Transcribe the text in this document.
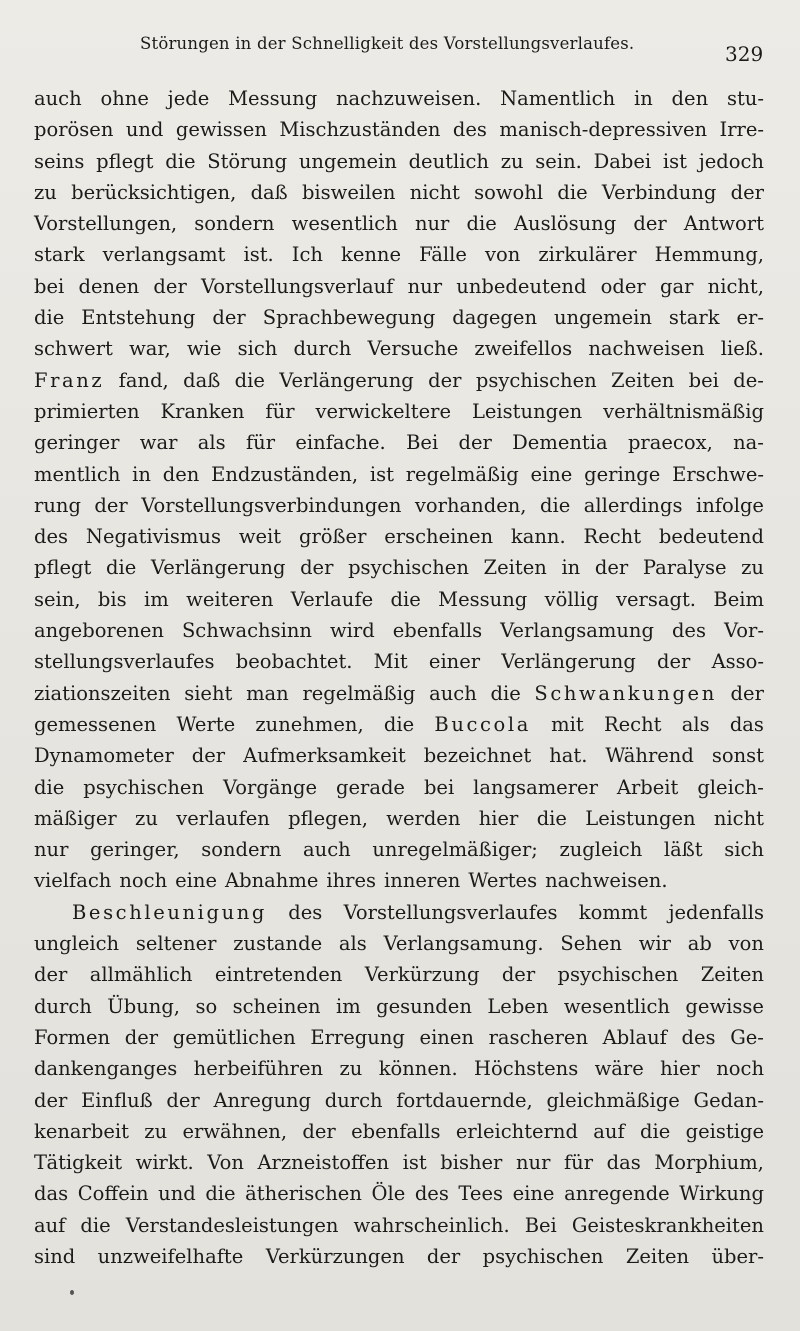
Störungen in der Schnelligkeit des Vorstellungsverlaufes.	329
auch ohne jede Messung nachzuweisen. Namentlich in den stu-
porösen und gewissen Mischzuständen des manisch-depressiven Irre-
seins pflegt die Störung ungemein deutlich zu sein. Dabei ist jedoch
zu berücksichtigen, daß bisweilen nicht sowohl die Verbindung der
Vorstellungen, sondern wesentlich nur die Auslösung der Antwort
stark verlangsamt ist. Ich kenne Fälle von zirkulärer Hemmung,
bei denen der Vorstellungsverlauf nur unbedeutend oder gar nicht,
die Entstehung der Sprachbewegung dagegen ungemein stark er-
schwert war, wie sich durch Versuche zweifellos nachweisen ließ.
Franz fand, daß die Verlängerung der psychischen Zeiten bei de-
primierten Kranken für verwickeltere Leistungen verhältnismäßig
geringer war als für einfache. Bei der Dementia praecox, na-
mentlich in den Endzuständen, ist regelmäßig eine geringe Erschwe-
rung der Vorstellungsverbindungen vorhanden, die allerdings infolge
des Negativismus weit größer erscheinen kann. Recht bedeutend
pflegt die Verlängerung der psychischen Zeiten in der Paralyse zu
sein, bis im weiteren Verlaufe die Messung völlig versagt. Beim
angeborenen Schwachsinn wird ebenfalls Verlangsamung des Vor-
stellungsverlaufes beobachtet. Mit einer Verlängerung der Asso-
ziationszeiten sieht man regelmäßig auch die Schwankungen der
gemessenen Werte zunehmen, die Buccola mit Recht als das
Dynamometer der Aufmerksamkeit bezeichnet hat. Während sonst
die psychischen Vorgänge gerade bei langsamerer Arbeit gleich-
mäßiger zu verlaufen pflegen, werden hier die Leistungen nicht
nur geringer, sondern auch unregelmäßiger; zugleich läßt sich
vielfach noch eine Abnahme ihres inneren Wertes nachweisen.
Beschleunigung des Vorstellungsverlaufes kommt jedenfalls
ungleich seltener zustande als Verlangsamung. Sehen wir ab von
der allmählich eintretenden Verkürzung der psychischen Zeiten
durch Übung, so scheinen im gesunden Leben wesentlich gewisse
Formen der gemütlichen Erregung einen rascheren Ablauf des Ge-
dankenganges herbeiführen zu können. Höchstens wäre hier noch
der Einfluß der Anregung durch fortdauernde, gleichmäßige Gedan-
kenarbeit zu erwähnen, der ebenfalls erleichternd auf die geistige
Tätigkeit wirkt. Von Arzneistoffen ist bisher nur für das Morphium,
das Coffein und die ätherischen Öle des Tees eine anregende Wirkung
auf die Verstandesleistungen wahrscheinlich. Bei Geisteskrankheiten
sind unzweifelhafte Verkürzungen der psychischen Zeiten über-
